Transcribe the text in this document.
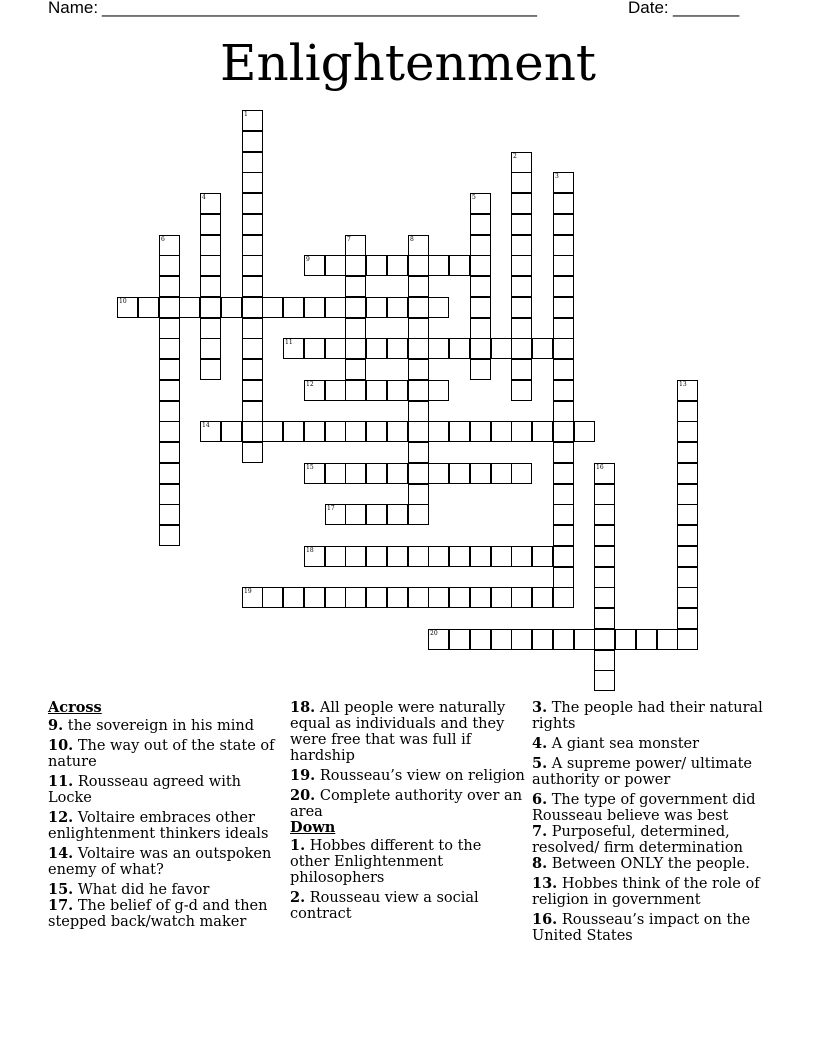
Name: ______________________________________________	Date: _______
Enlightenment
1
2
3
4	5
6	7	8
9
10
11
12	13
14
15	16
17
18
19
20
Across
9. the sovereign in his mind
10. The way out of the state of nature
11. Rousseau agreed with Locke
12. Voltaire embraces other enlightenment thinkers ideals
14. Voltaire was an outspoken enemy of what?
15. What did he favor
17. The belief of g-d and then stepped back/watch maker
18. All people were naturally equal as individuals and they were free that was full if hardship
19. Rousseau’s view on religion
20. Complete authority over an area
Down
1. Hobbes different to the other Enlightenment philosophers
2. Rousseau view a social contract
3. The people had their natural rights
4. A giant sea monster
5. A supreme power/ ultimate authority or power
6. The type of government did Rousseau believe was best
7. Purposeful, determined, resolved/ firm determination
8. Between ONLY the people.
13. Hobbes think of the role of religion in government
16. Rousseau’s impact on the United States
